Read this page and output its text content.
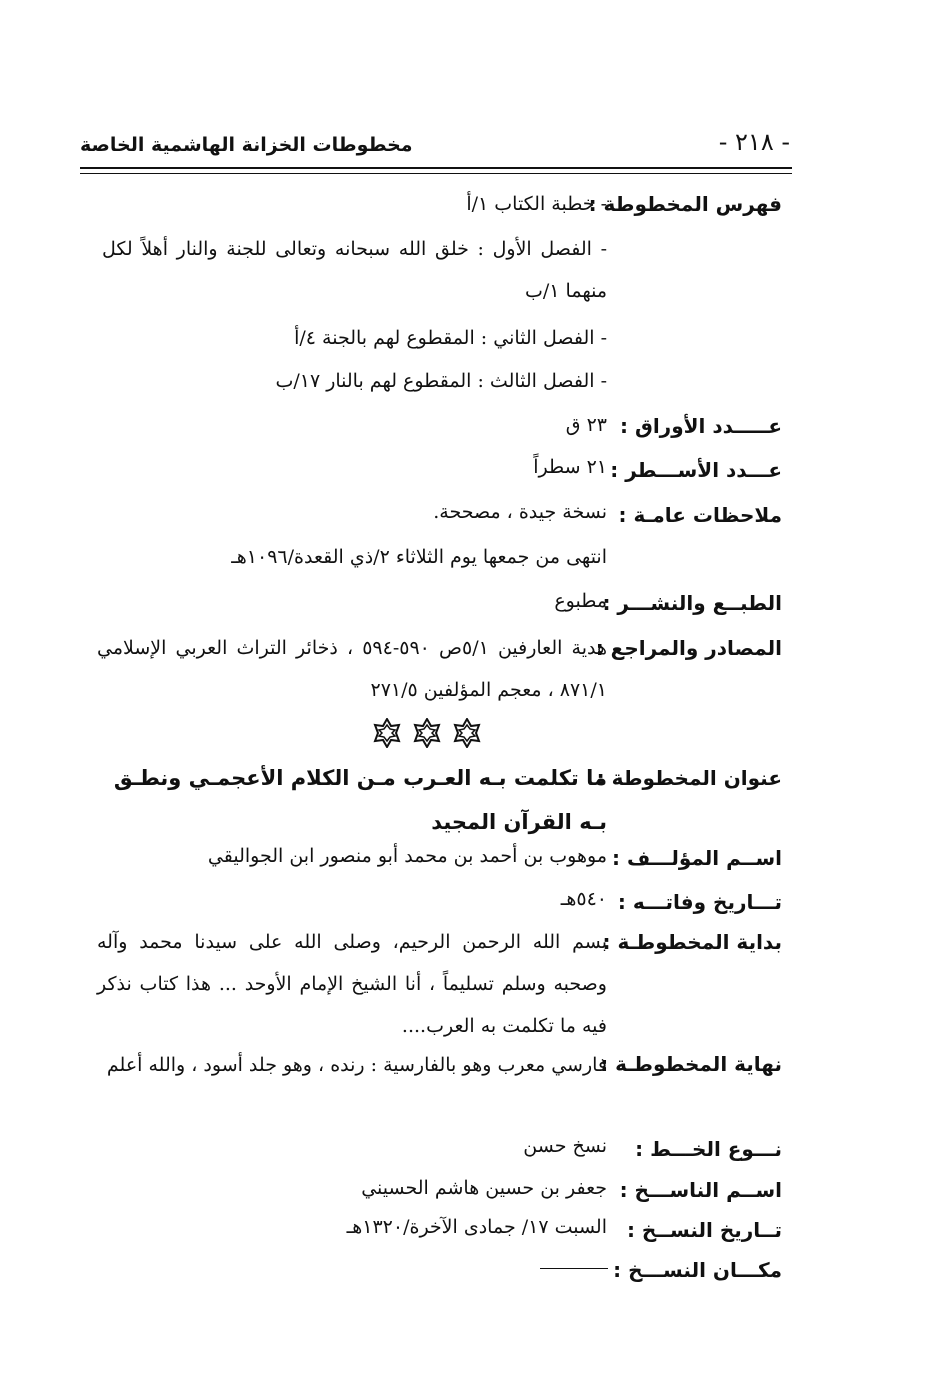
- ٢١٨ -
مخطوطات الخزانة الهاشمية الخاصة
فهرس المخطوطة :
- خطبة الكتاب ١/أ
- الفصل الأول : خلق الله سبحانه وتعالى للجنة والنار أهلاً لكل منهما ١/ب
- الفصل الثاني : المقطوع لهم بالجنة ٤/أ
- الفصل الثالث : المقطوع لهم بالنار ١٧/ب
عـــــدد الأوراق :
٢٣ ق
عـــدد الأســـطر :
٢١ سطراً
ملاحظات عامـة :
نسخة جيدة ، مصححة.
انتهى من جمعها يوم الثلاثاء ٢/ذي القعدة/١٠٩٦هـ
الطبــع والنشـــر :
مطبوع
المصادر والمراجع :
هدية العارفين ٥/١ص ٥٩٠-٥٩٤ ، ذخائر التراث العربي الإسلامي ٨٧١/١ ، معجم المؤلفين ٢٧١/٥
عنوان المخطوطة :
ما تكلمت بـه العـرب مـن الكلام الأعجمـي ونطـق بـه القرآن المجيد
اســم المؤلـــف :
موهوب بن أحمد بن محمد أبو منصور ابن الجواليقي
تـــاريخ وفاتـــه :
٥٤٠هـ
بداية المخطوطـة :
بسم الله الرحمن الرحيم، وصلى الله على سيدنا محمد وآله وصحبه وسلم تسليماً ، أنا الشيخ الإمام الأوحد ... هذا كتاب نذكر فيه ما تكلمت به العرب....
نهاية المخطوطـة :
فارسي معرب وهو بالفارسية : رنده ، وهو جلد أسود ، والله أعلم
نـــوع الخـــط :
نسخ حسن
اســم الناســـخ :
جعفر بن حسين هاشم الحسيني
تــاريخ النســخ :
السبت ١٧/ جمادى الآخرة/١٣٢٠هـ
مكـــان النســـخ :
